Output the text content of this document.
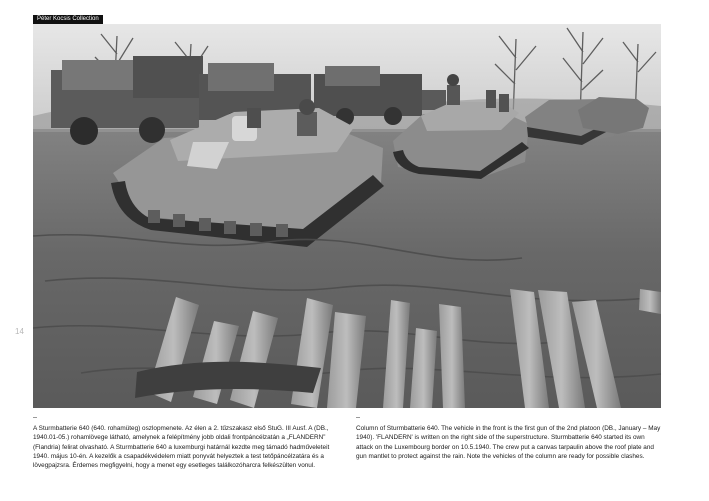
Péter Kocsis Collection
14
A Sturmbatterie 640 (640. rohamüteg) oszlopmenete. Az élen a 2. tűzszakasz első StuG. III Ausf. A (DB., 1940.01-05.) rohamlövege látható, amelynek a felépítmény jobb oldali frontpáncélzatán a „FLANDERN” (Flandria) felirat olvasható. A Sturmbatterie 640 a luxemburgi határnál kezdte meg támadó hadműveleteit 1940. május 10-én. A kezelők a csapadékvédelem miatt ponyvát helyeztek a test tetőpáncélzatára és a lövegpajzsra. Érdemes megfigyelni, hogy a menet egy esetleges találkozóharcra felkészülten vonul.
Column of Sturmbatterie 640. The vehicle in the front is the first gun of the 2nd platoon (DB., January – May 1940). 'FLANDERN' is written on the right side of the superstructure. Sturmbatterie 640 started its own attack on the Luxembourg border on 10.5.1940. The crew put a canvas tarpaulin above the roof plate and gun mantlet to protect against the rain. Note the vehicles of the column are ready for possible clashes.
